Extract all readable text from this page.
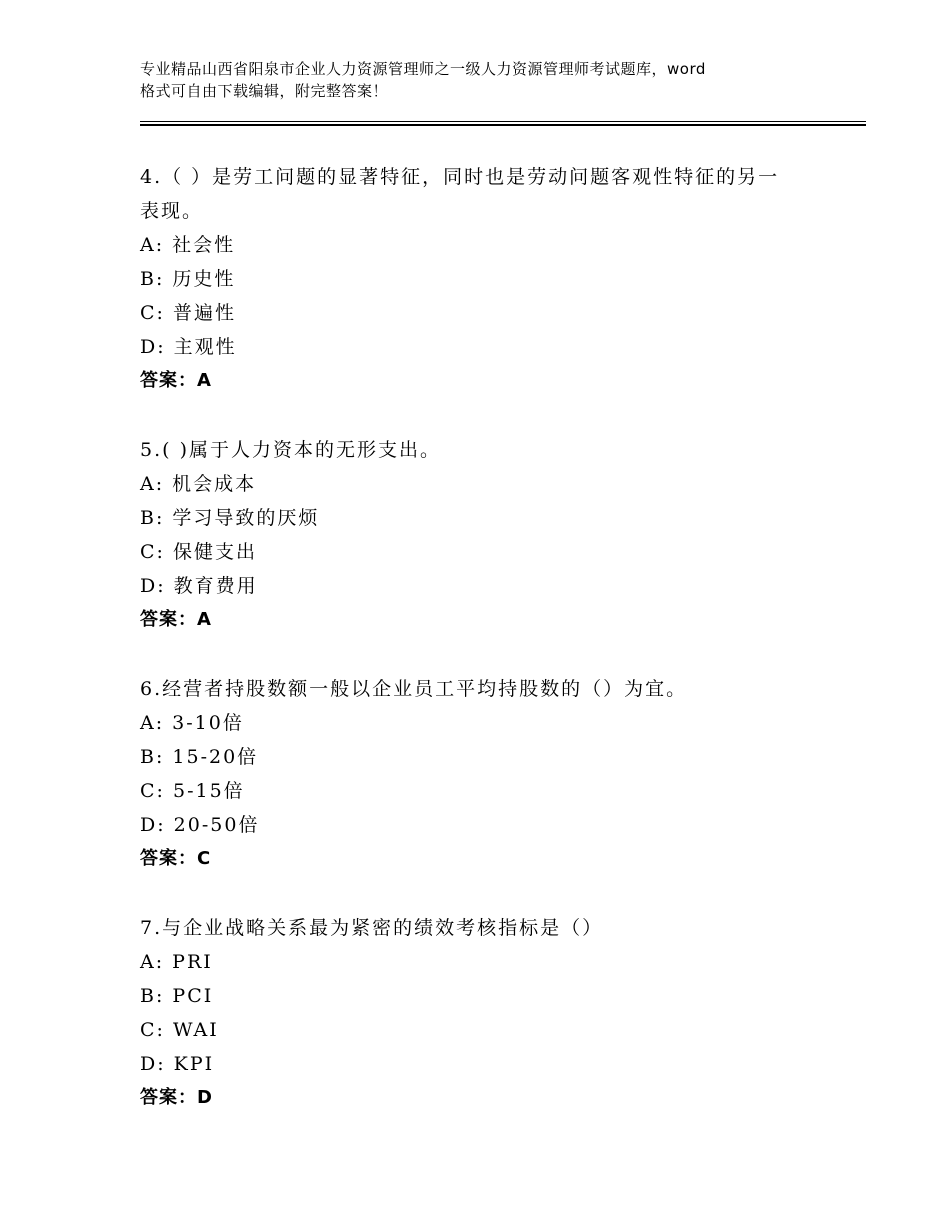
专业精品山西省阳泉市企业人力资源管理师之一级人力资源管理师考试题库，word
格式可自由下载编辑，附完整答案！

4.（ ）是劳工问题的显著特征，同时也是劳动问题客观性特征的另一

表现。

A: 社会性

B: 历史性

C: 普遍性

D: 主观性

答案：A

5.( )属于人力资本的无形支出。

A: 机会成本

B: 学习导致的厌烦

C: 保健支出

D: 教育费用

答案：A

6.经营者持股数额一般以企业员工平均持股数的（）为宜。

A: 3-10倍

B: 15-20倍

C: 5-15倍

D: 20-50倍

答案：C

7.与企业战略关系最为紧密的绩效考核指标是（）

A: PRI

B: PCI

C: WAI

D: KPI

答案：D
